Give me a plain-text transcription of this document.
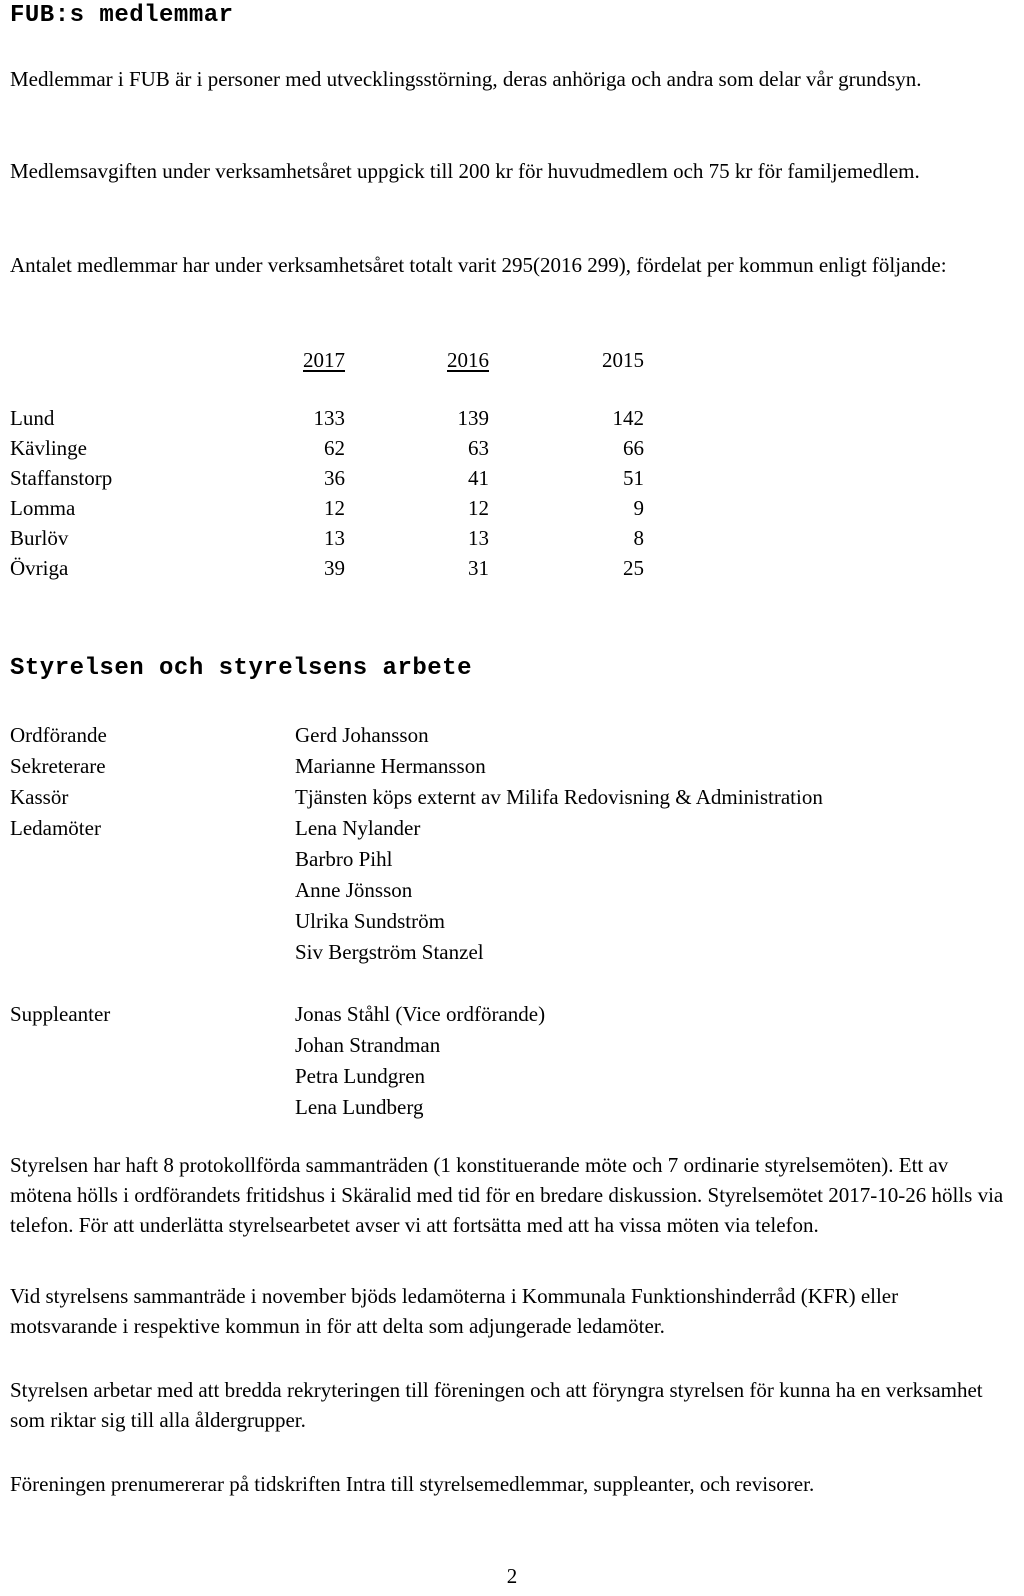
FUB:s medlemmar

Medlemmar i FUB är i personer med utvecklingsstörning, deras anhöriga och andra som delar vår grundsyn.

Medlemsavgiften under verksamhetsåret uppgick till 200 kr för huvudmedlem och 75 kr för familjemedlem.

Antalet medlemmar har under verksamhetsåret totalt varit 295(2016 299), fördelat per kommun enligt följande:

2017	2016	2015
Lund	133	139	142
Kävlinge	62	63	66
Staffanstorp	36	41	51
Lomma	12	12	9
Burlöv	13	13	8
Övriga	39	31	25
Styrelsen och styrelsens arbete
Ordförande	Gerd Johansson
Sekreterare	Marianne Hermansson
Kassör	Tjänsten köps externt av Milifa Redovisning & Administration
Ledamöter	Lena Nylander
Barbro Pihl
Anne Jönsson
Ulrika Sundström
Siv Bergström Stanzel
Suppleanter	Jonas Ståhl (Vice ordförande)
Johan Strandman
Petra Lundgren
Lena Lundberg

Styrelsen har haft 8 protokollförda sammanträden (1 konstituerande möte och 7 ordinarie styrelsemöten). Ett av mötena hölls i ordförandets fritidshus i Skäralid med tid för en bredare diskussion. Styrelsemötet 2017-10-26 hölls via telefon. För att underlätta styrelsearbetet avser vi att fortsätta med att ha vissa möten via telefon.

Vid styrelsens sammanträde i november bjöds ledamöterna i Kommunala Funktionshinderråd (KFR) eller motsvarande i respektive kommun in för att delta som adjungerade ledamöter.

Styrelsen arbetar med att bredda rekryteringen till föreningen och att föryngra styrelsen för kunna ha en verksamhet som riktar sig till alla åldergrupper.

Föreningen prenumererar på tidskriften Intra till styrelsemedlemmar, suppleanter, och revisorer.

2
